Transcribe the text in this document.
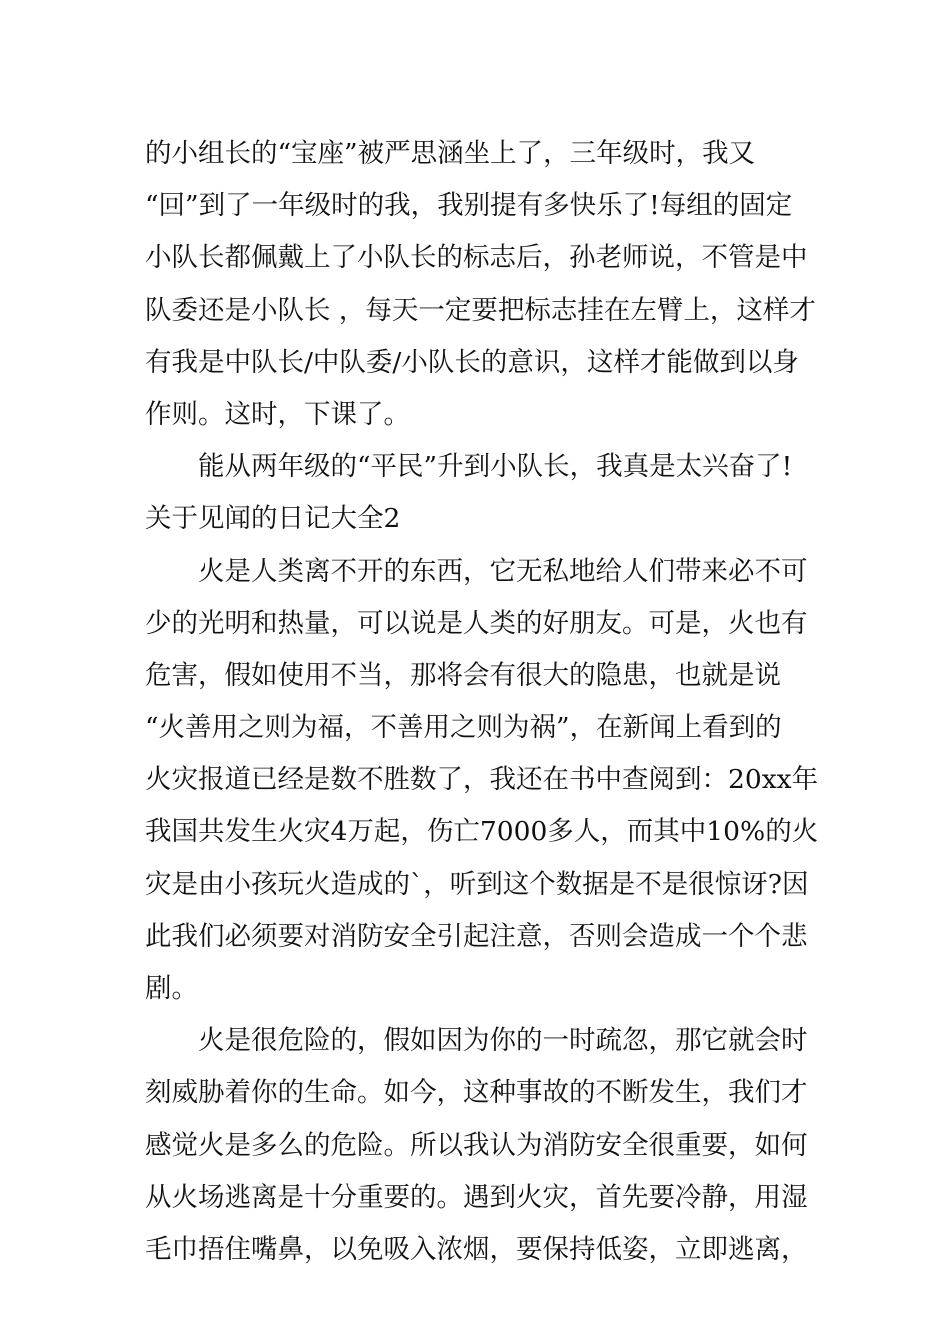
的小组长的“宝座”被严思涵坐上了，三年级时，我又
“回”到了一年级时的我，我别提有多快乐了!每组的固定
小队长都佩戴上了小队长的标志后，孙老师说，不管是中
队委还是小队长 ，每天一定要把标志挂在左臂上，这样才
有我是中队长/中队委/小队长的意识，这样才能做到以身
作则。这时，下课了。
　　能从两年级的“平民”升到小队长，我真是太兴奋了!
关于见闻的日记大全2
　　火是人类离不开的东西，它无私地给人们带来必不可
少的光明和热量，可以说是人类的好朋友。可是，火也有
危害，假如使用不当，那将会有很大的隐患，也就是说
“火善用之则为福，不善用之则为祸”，在新闻上看到的
火灾报道已经是数不胜数了，我还在书中查阅到：20xx年
我国共发生火灾4万起，伤亡7000多人，而其中10%的火
灾是由小孩玩火造成的`，听到这个数据是不是很惊讶?因
此我们必须要对消防安全引起注意，否则会造成一个个悲
剧。
　　火是很危险的，假如因为你的一时疏忽，那它就会时
刻威胁着你的生命。如今，这种事故的不断发生，我们才
感觉火是多么的危险。所以我认为消防安全很重要，如何
从火场逃离是十分重要的。遇到火灾，首先要冷静，用湿
毛巾捂住嘴鼻，以免吸入浓烟，要保持低姿，立即逃离，
